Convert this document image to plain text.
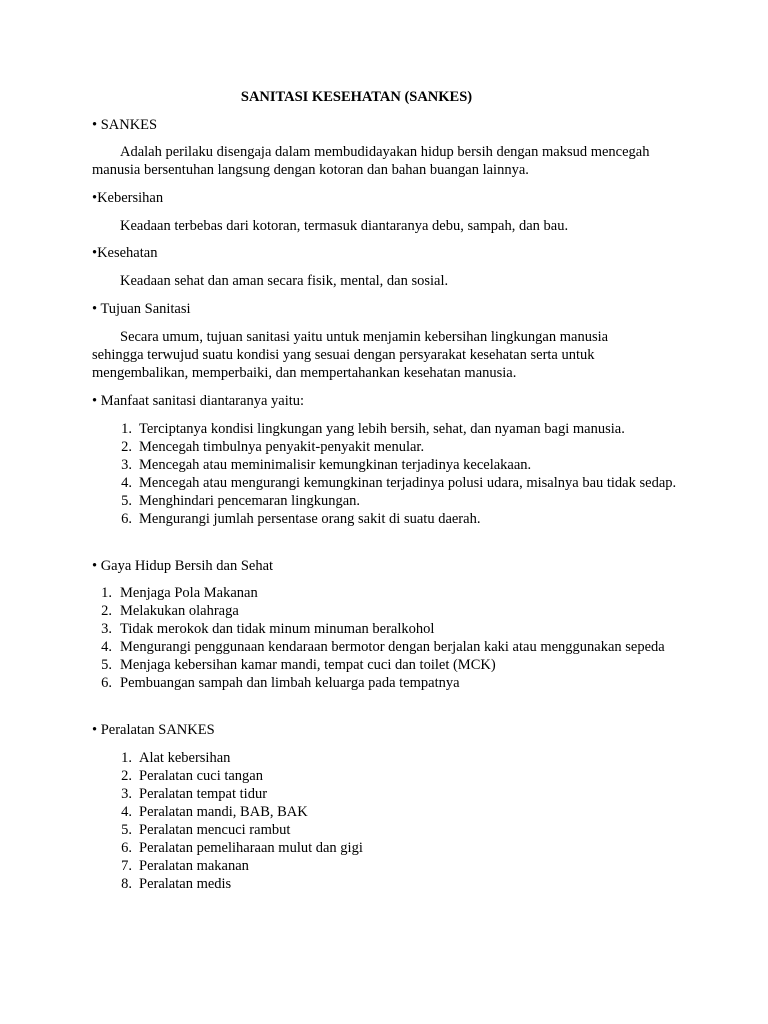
SANITASI KESEHATAN (SANKES)

• SANKES

Adalah perilaku disengaja dalam membudidayakan hidup bersih dengan maksud mencegah manusia bersentuhan langsung dengan kotoran dan bahan buangan lainnya.

•Kebersihan

Keadaan terbebas dari kotoran, termasuk diantaranya debu, sampah, dan bau.

•Kesehatan

Keadaan sehat dan aman secara fisik, mental, dan sosial.

• Tujuan Sanitasi

Secara umum, tujuan sanitasi yaitu untuk menjamin kebersihan lingkungan manusia sehingga terwujud suatu kondisi yang sesuai dengan persyarakat kesehatan serta untuk mengembalikan, memperbaiki, dan mempertahankan kesehatan manusia.

• Manfaat sanitasi diantaranya yaitu:

1. Terciptanya kondisi lingkungan yang lebih bersih, sehat, dan nyaman bagi manusia.
2. Mencegah timbulnya penyakit-penyakit menular.
3. Mencegah atau meminimalisir kemungkinan terjadinya kecelakaan.
4. Mencegah atau mengurangi kemungkinan terjadinya polusi udara, misalnya bau tidak sedap.
5. Menghindari pencemaran lingkungan.
6. Mengurangi jumlah persentase orang sakit di suatu daerah.

• Gaya Hidup Bersih dan Sehat

1. Menjaga Pola Makanan
2. Melakukan olahraga
3. Tidak merokok dan tidak minum minuman beralkohol
4. Mengurangi penggunaan kendaraan bermotor dengan berjalan kaki atau menggunakan sepeda
5. Menjaga kebersihan kamar mandi, tempat cuci dan toilet (MCK)
6. Pembuangan sampah dan limbah keluarga pada tempatnya

• Peralatan SANKES

1. Alat kebersihan
2. Peralatan cuci tangan
3. Peralatan tempat tidur
4. Peralatan mandi, BAB, BAK
5. Peralatan mencuci rambut
6. Peralatan pemeliharaan mulut dan gigi
7. Peralatan makanan
8. Peralatan medis
